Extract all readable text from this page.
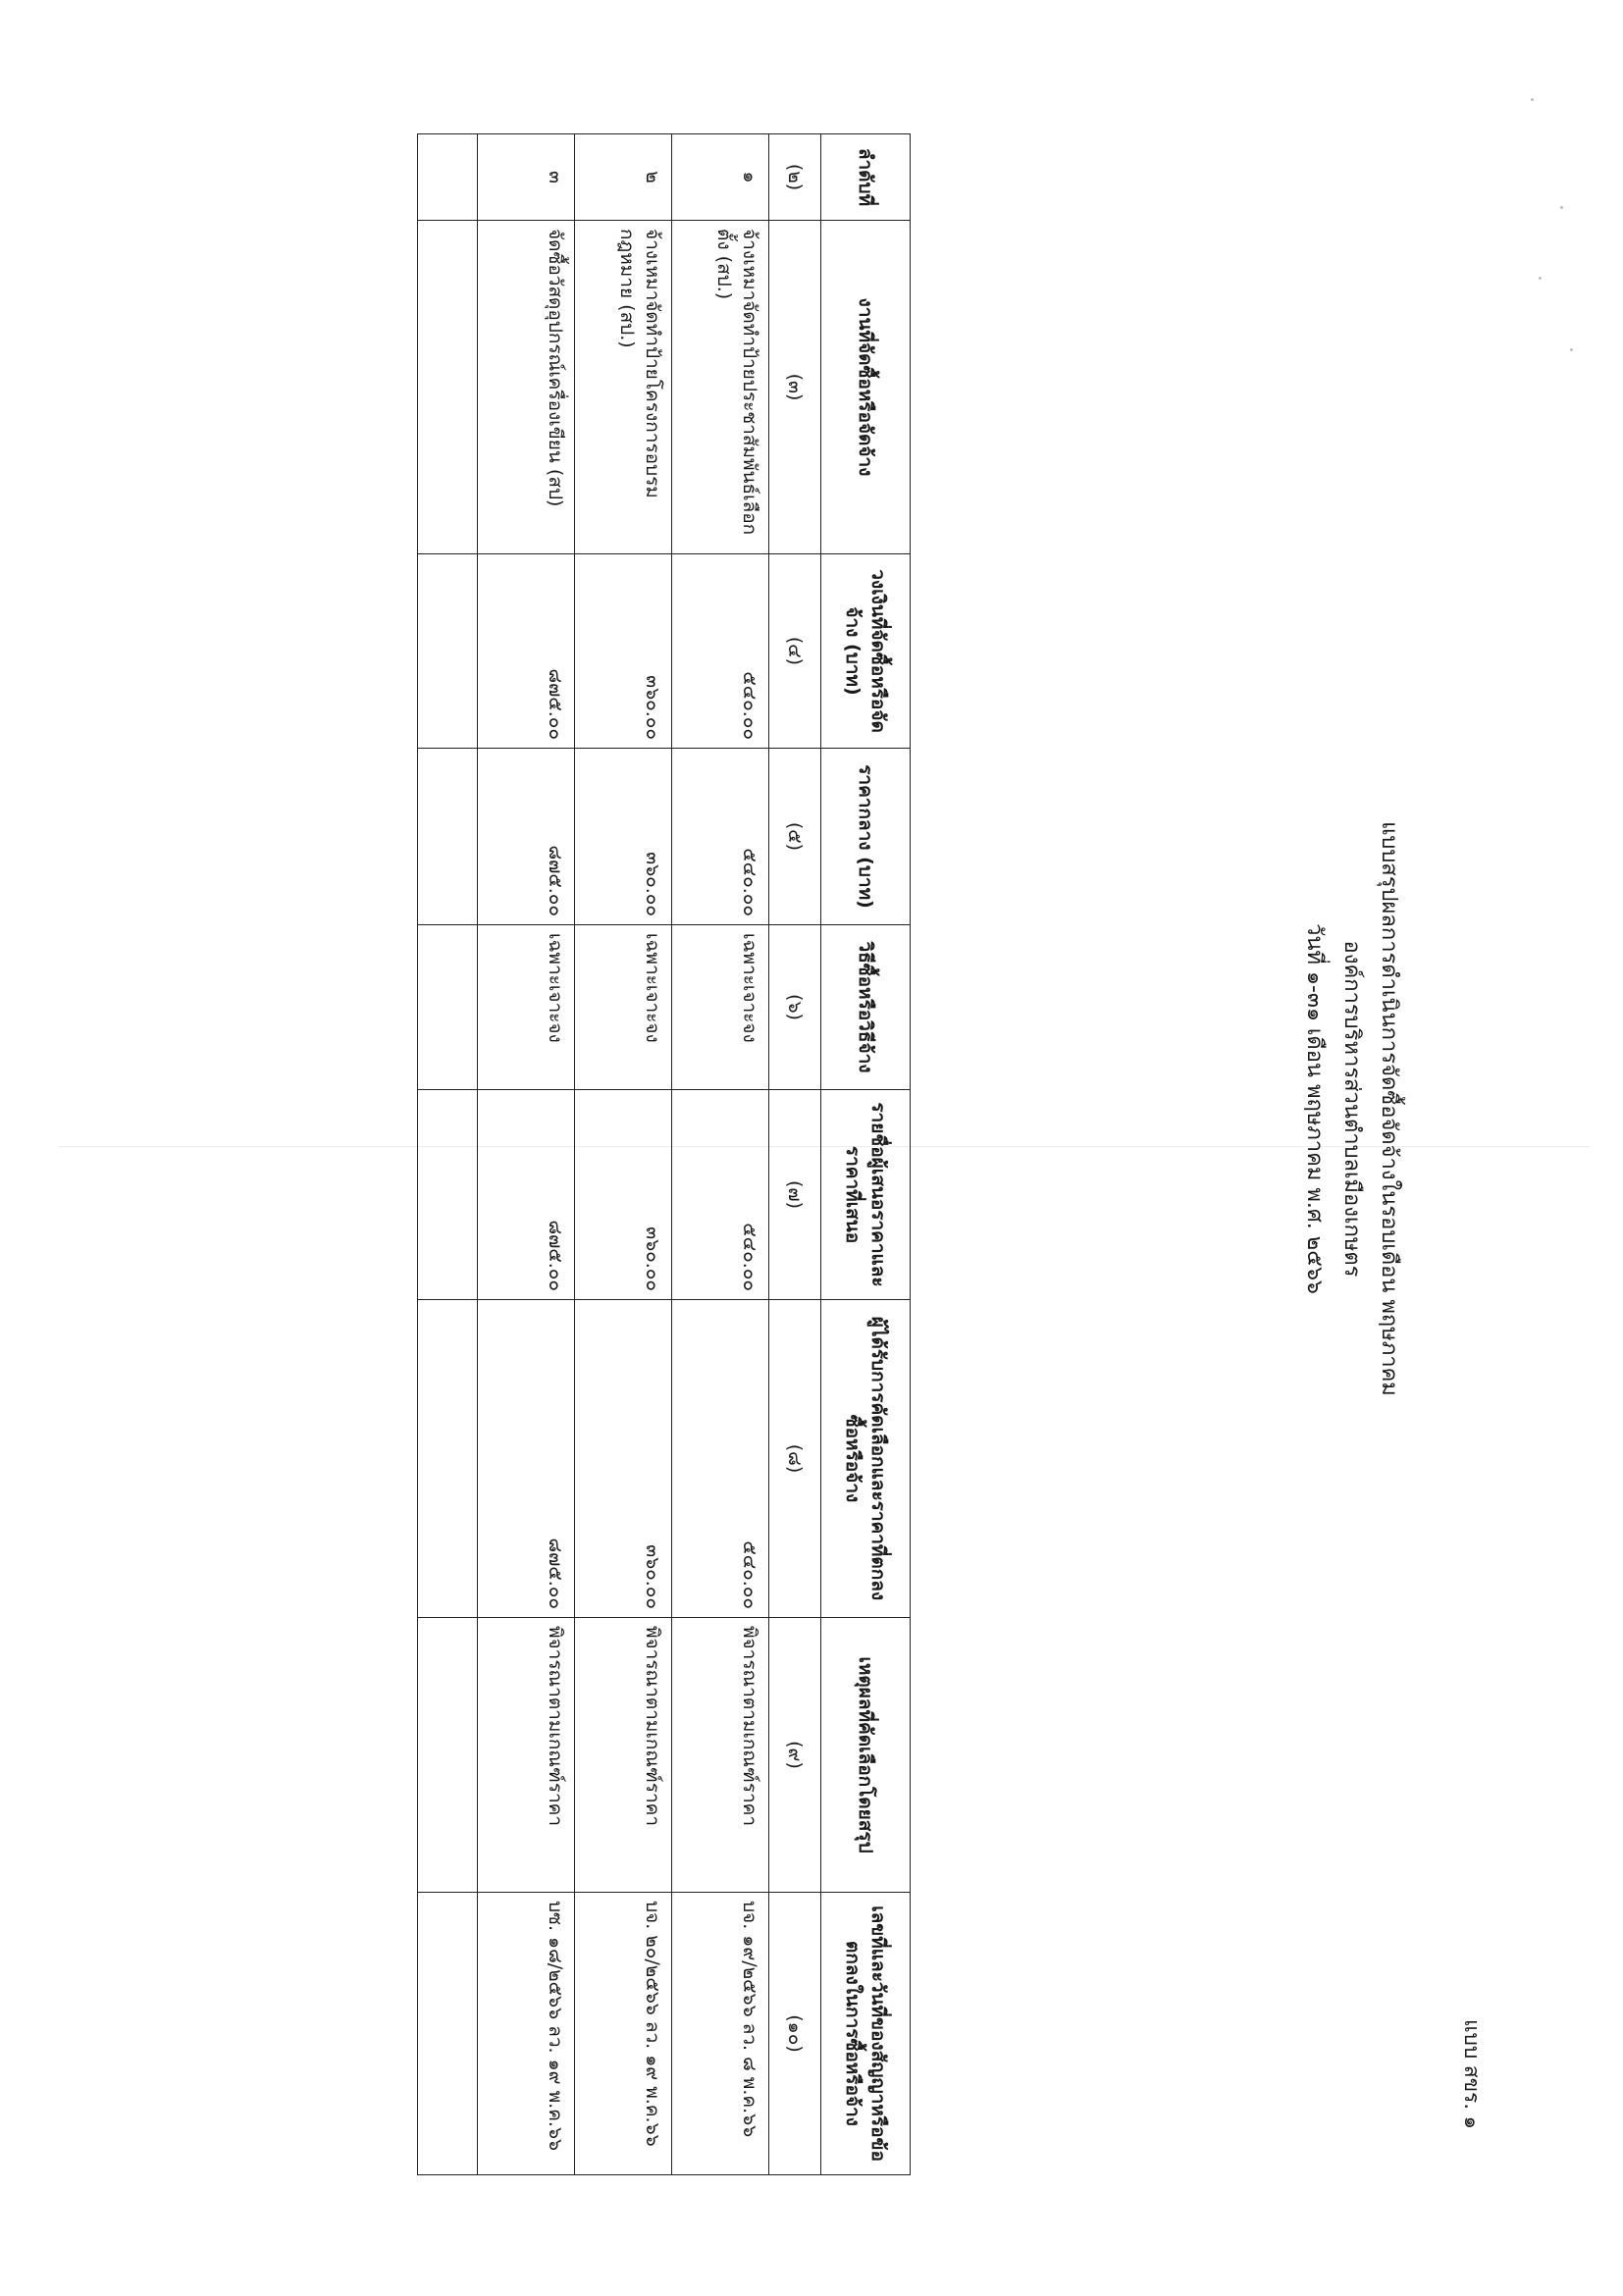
แบบ สขร. ๑
แบบสรุปผลการดำเนินการจัดซื้อจัดจ้างในรอบเดือน พฤษภาคม
องค์การบริหารส่วนตำบลเมืองเกษตร
วันที่ ๑-๓๑ เดือน พฤษภาคม พ.ศ. ๒๕๖๖
ลำดับที่	งานที่จัดซื้อหรือจัดจ้าง	วงเงินที่จัดซื้อหรือจัดจ้าง (บาท)	ราคากลาง (บาท)	วิธีซื้อหรือวิธีจ้าง	รายชื่อผู้เสนอราคาและราคาที่เสนอ	ผู้ได้รับการคัดเลือกและราคาที่ตกลงซื้อหรือจ้าง	เหตุผลที่คัดเลือกโดยสรุป	เลขที่และวันที่ของสัญญาหรือข้อตกลงในการซื้อหรือจ้าง
(๒)	(๓)	(๔)	(๕)	(๖)	(๗)	(๘)	(๙)	(๑๐)
๑	จ้างเหมาจัดทำป้ายประชาสัมพันธ์เลือกตั้ง (สป.)	๕๔๐.๐๐	๕๔๐.๐๐	เฉพาะเจาะจง	๕๔๐.๐๐	๕๔๐.๐๐	พิจารณาตามเกณฑ์ราคา	บจ. ๑๙/๒๕๖๖ ลว. ๘ พ.ค.๖๖
๒	จ้างเหมาจัดทำป้ายโครงการอบรมกฎหมาย (สป.)	๓๖๐.๐๐	๓๖๐.๐๐	เฉพาะเจาะจง	๓๖๐.๐๐	๓๖๐.๐๐	พิจารณาตามเกณฑ์ราคา	บจ. ๒๐/๒๕๖๖ ลว. ๑๙ พ.ค.๖๖
๓	จัดซื้อวัสดุอุปกรณ์เครื่องเขียน (สป)	๘๗๕.๐๐	๘๗๕.๐๐	เฉพาะเจาะจง	๘๗๕.๐๐	๘๗๕.๐๐	พิจารณาตามเกณฑ์ราคา	บซ. ๑๘/๒๕๖๖ ลว. ๑๙ พ.ค.๖๖
